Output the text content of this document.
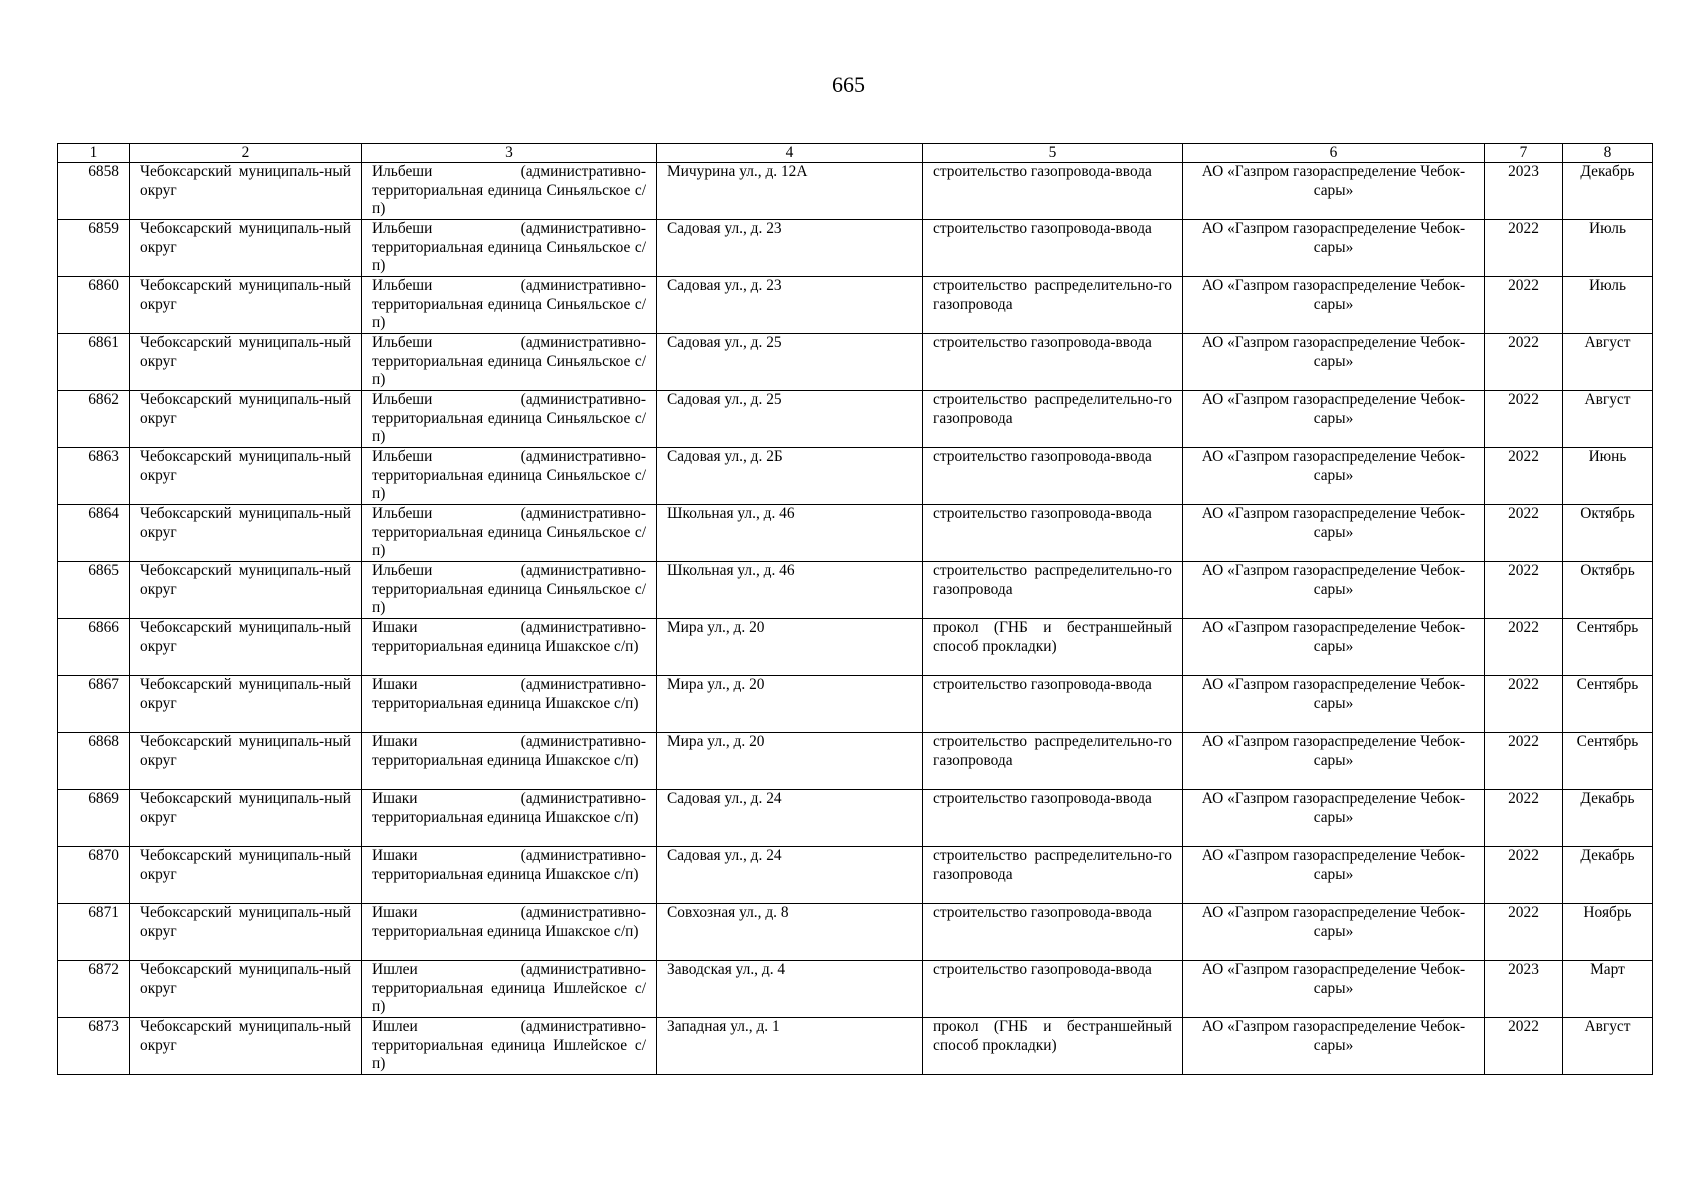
665
1	2	3	4	5	6	7	8
6858	Чебоксарский муниципаль-ный округ	Ильбеши (административно-территориальная единица Синьяльское с/п)	Мичурина ул., д. 12А	строительство газопровода-ввода	АО «Газпром газораспределение Чебок-сары»	2023	Декабрь
6859	Чебоксарский муниципаль-ный округ	Ильбеши (административно-территориальная единица Синьяльское с/п)	Садовая ул., д. 23	строительство газопровода-ввода	АО «Газпром газораспределение Чебок-сары»	2022	Июль
6860	Чебоксарский муниципаль-ный округ	Ильбеши (административно-территориальная единица Синьяльское с/п)	Садовая ул., д. 23	строительство распределительно-го газопровода	АО «Газпром газораспределение Чебок-сары»	2022	Июль
6861	Чебоксарский муниципаль-ный округ	Ильбеши (административно-территориальная единица Синьяльское с/п)	Садовая ул., д. 25	строительство газопровода-ввода	АО «Газпром газораспределение Чебок-сары»	2022	Август
6862	Чебоксарский муниципаль-ный округ	Ильбеши (административно-территориальная единица Синьяльское с/п)	Садовая ул., д. 25	строительство распределительно-го газопровода	АО «Газпром газораспределение Чебок-сары»	2022	Август
6863	Чебоксарский муниципаль-ный округ	Ильбеши (административно-территориальная единица Синьяльское с/п)	Садовая ул., д. 2Б	строительство газопровода-ввода	АО «Газпром газораспределение Чебок-сары»	2022	Июнь
6864	Чебоксарский муниципаль-ный округ	Ильбеши (административно-территориальная единица Синьяльское с/п)	Школьная ул., д. 46	строительство газопровода-ввода	АО «Газпром газораспределение Чебок-сары»	2022	Октябрь
6865	Чебоксарский муниципаль-ный округ	Ильбеши (административно-территориальная единица Синьяльское с/п)	Школьная ул., д. 46	строительство распределительно-го газопровода	АО «Газпром газораспределение Чебок-сары»	2022	Октябрь
6866	Чебоксарский муниципаль-ный округ	Ишаки (административно-территориальная единица Ишакское с/п)	Мира ул., д. 20	прокол (ГНБ и бестраншейный способ прокладки)	АО «Газпром газораспределение Чебок-сары»	2022	Сентябрь
6867	Чебоксарский муниципаль-ный округ	Ишаки (административно-территориальная единица Ишакское с/п)	Мира ул., д. 20	строительство газопровода-ввода	АО «Газпром газораспределение Чебок-сары»	2022	Сентябрь
6868	Чебоксарский муниципаль-ный округ	Ишаки (административно-территориальная единица Ишакское с/п)	Мира ул., д. 20	строительство распределительно-го газопровода	АО «Газпром газораспределение Чебок-сары»	2022	Сентябрь
6869	Чебоксарский муниципаль-ный округ	Ишаки (административно-территориальная единица Ишакское с/п)	Садовая ул., д. 24	строительство газопровода-ввода	АО «Газпром газораспределение Чебок-сары»	2022	Декабрь
6870	Чебоксарский муниципаль-ный округ	Ишаки (административно-территориальная единица Ишакское с/п)	Садовая ул., д. 24	строительство распределительно-го газопровода	АО «Газпром газораспределение Чебок-сары»	2022	Декабрь
6871	Чебоксарский муниципаль-ный округ	Ишаки (административно-территориальная единица Ишакское с/п)	Совхозная ул., д. 8	строительство газопровода-ввода	АО «Газпром газораспределение Чебок-сары»	2022	Ноябрь
6872	Чебоксарский муниципаль-ный округ	Ишлеи (административно-территориальная единица Ишлейское с/п)	Заводская ул., д. 4	строительство газопровода-ввода	АО «Газпром газораспределение Чебок-сары»	2023	Март
6873	Чебоксарский муниципаль-ный округ	Ишлеи (административно-территориальная единица Ишлейское с/п)	Западная ул., д. 1	прокол (ГНБ и бестраншейный способ прокладки)	АО «Газпром газораспределение Чебок-сары»	2022	Август
